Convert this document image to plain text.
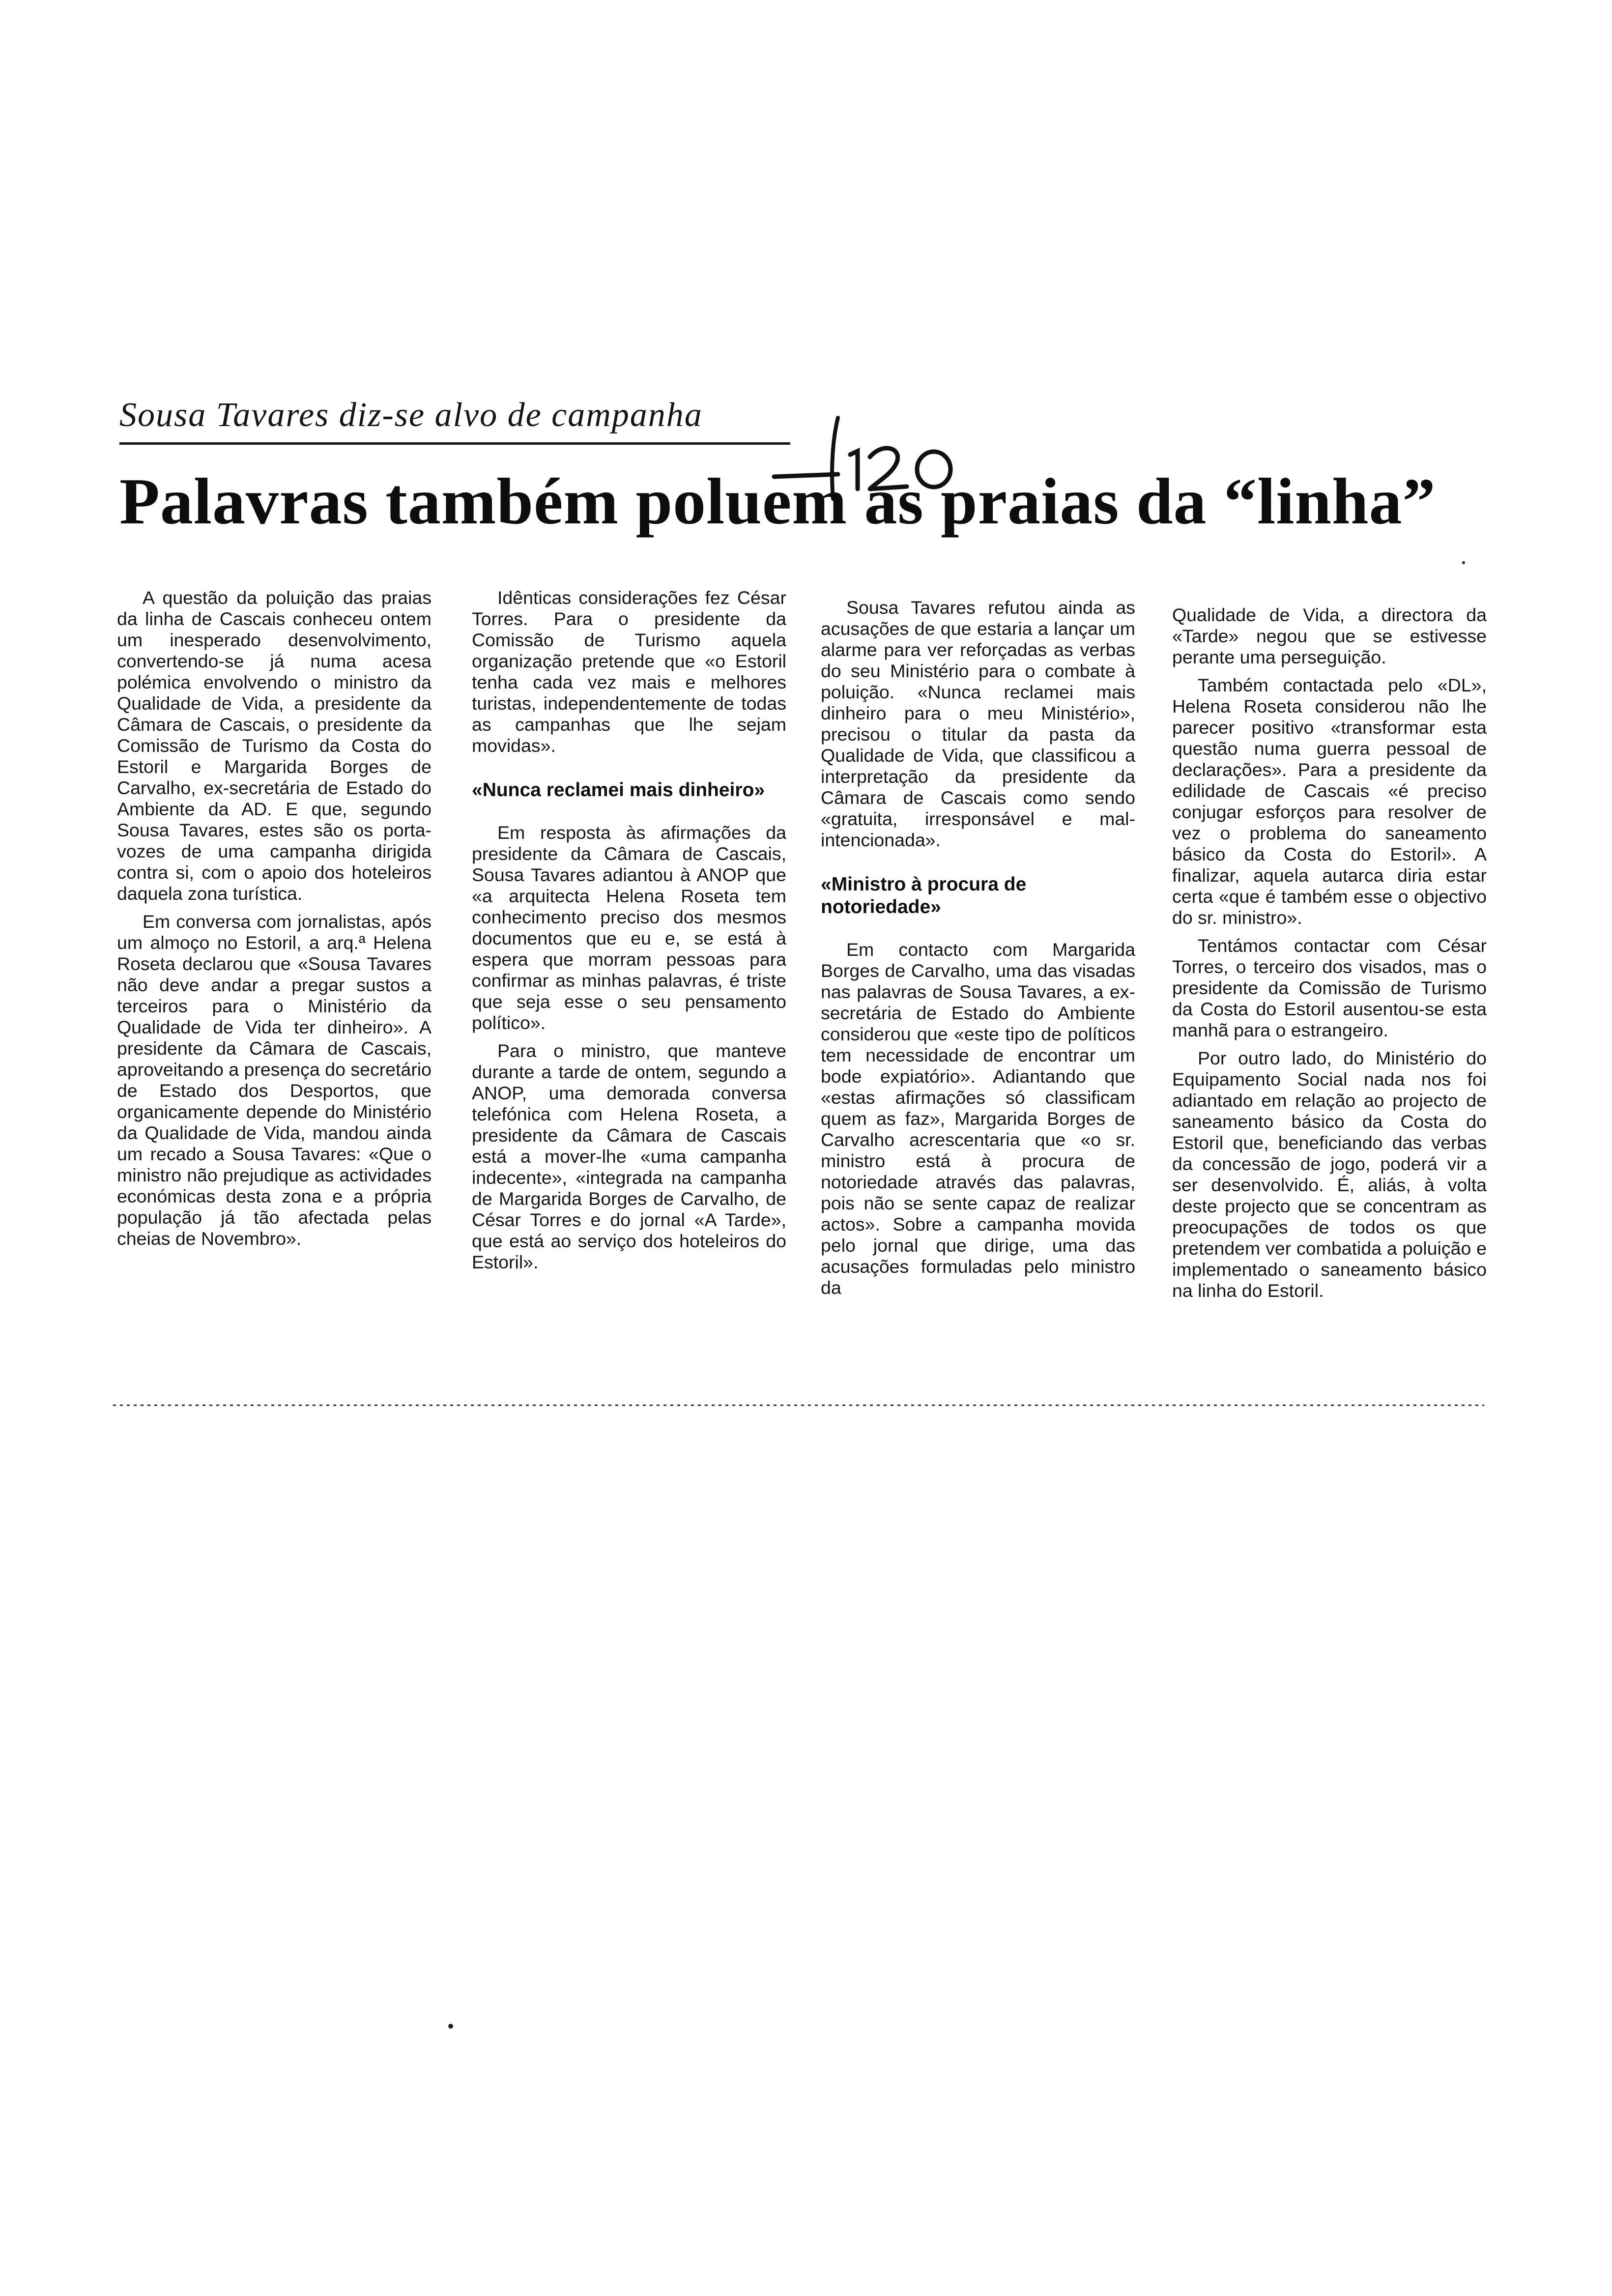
Sousa Tavares diz-se alvo de campanha
Palavras também poluem as praias da “linha”

A questão da poluição das praias da linha de Cascais conheceu ontem um inesperado desenvolvimento, convertendo-se já numa acesa polémica envolvendo o ministro da Qualidade de Vida, a presidente da Câmara de Cascais, o presidente da Comissão de Turismo da Costa do Estoril e Margarida Borges de Carvalho, ex-secretária de Estado do Ambiente da AD. E que, segundo Sousa Tavares, estes são os porta-vozes de uma campanha dirigida contra si, com o apoio dos hoteleiros daquela zona turística.

Em conversa com jornalistas, após um almoço no Estoril, a arq.ª Helena Roseta declarou que «Sousa Tavares não deve andar a pregar sustos a terceiros para o Ministério da Qualidade de Vida ter dinheiro». A presidente da Câmara de Cascais, aproveitando a presença do secretário de Estado dos Desportos, que organicamente depende do Ministério da Qualidade de Vida, mandou ainda um recado a Sousa Tavares: «Que o ministro não prejudique as actividades económicas desta zona e a própria população já tão afectada pelas cheias de Novembro».

Idênticas considerações fez César Torres. Para o presidente da Comissão de Turismo aquela organização pretende que «o Estoril tenha cada vez mais e melhores turistas, independentemente de todas as campanhas que lhe sejam movidas».

«Nunca reclamei mais dinheiro»

Em resposta às afirmações da presidente da Câmara de Cascais, Sousa Tavares adiantou à ANOP que «a arquitecta Helena Roseta tem conhecimento preciso dos mesmos documentos que eu e, se está à espera que morram pessoas para confirmar as minhas palavras, é triste que seja esse o seu pensamento político».

Para o ministro, que manteve durante a tarde de ontem, segundo a ANOP, uma demorada conversa telefónica com Helena Roseta, a presidente da Câmara de Cascais está a mover-lhe «uma campanha indecente», «integrada na campanha de Margarida Borges de Carvalho, de César Torres e do jornal «A Tarde», que está ao serviço dos hoteleiros do Estoril».

Sousa Tavares refutou ainda as acusações de que estaria a lançar um alarme para ver reforçadas as verbas do seu Ministério para o combate à poluição. «Nunca reclamei mais dinheiro para o meu Ministério», precisou o titular da pasta da Qualidade de Vida, que classificou a interpretação da presidente da Câmara de Cascais como sendo «gratuita, irresponsável e mal-intencionada».

«Ministro à procura de notoriedade»

Em contacto com Margarida Borges de Carvalho, uma das visadas nas palavras de Sousa Tavares, a ex-secretária de Estado do Ambiente considerou que «este tipo de políticos tem necessidade de encontrar um bode expiatório». Adiantando que «estas afirmações só classificam quem as faz», Margarida Borges de Carvalho acrescentaria que «o sr. ministro está à procura de notoriedade através das palavras, pois não se sente capaz de realizar actos». Sobre a campanha movida pelo jornal que dirige, uma das acusações formuladas pelo ministro da

Qualidade de Vida, a directora da «Tarde» negou que se estivesse perante uma perseguição.

Também contactada pelo «DL», Helena Roseta considerou não lhe parecer positivo «transformar esta questão numa guerra pessoal de declarações». Para a presidente da edilidade de Cascais «é preciso conjugar esforços para resolver de vez o problema do saneamento básico da Costa do Estoril». A finalizar, aquela autarca diria estar certa «que é também esse o objectivo do sr. ministro».

Tentámos contactar com César Torres, o terceiro dos visados, mas o presidente da Comissão de Turismo da Costa do Estoril ausentou-se esta manhã para o estrangeiro.

Por outro lado, do Ministério do Equipamento Social nada nos foi adiantado em relação ao projecto de saneamento básico da Costa do Estoril que, beneficiando das verbas da concessão de jogo, poderá vir a ser desenvolvido. É, aliás, à volta deste projecto que se concentram as preocupações de todos os que pretendem ver combatida a poluição e implementado o saneamento básico na linha do Estoril.
